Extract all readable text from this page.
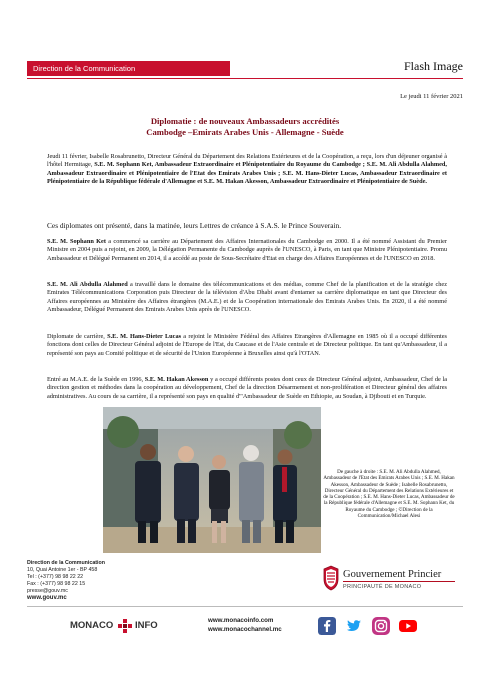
Direction de la Communication	Flash Image
Le jeudi 11 février 2021
Diplomatie : de nouveaux Ambassadeurs accrédités
Cambodge –Emirats Arabes Unis - Allemagne - Suède
Jeudi 11 février, Isabelle Rosabrunetto, Directeur Général du Département des Relations Extérieures et de la Coopération, a reçu, lors d'un déjeuner organisé à l'hôtel Hermitage, S.E. M. Sophann Ket, Ambassadeur Extraordinaire et Plénipotentiaire du Royaume du Cambodge ; S.E. M. Ali Abdulla Alahmed, Ambassadeur Extraordinaire et Plénipotentiaire de l'Etat des Emirats Arabes Unis ; S.E. M. Hans-Dieter Lucas, Ambassadeur Extraordinaire et Plénipotentiaire de la République fédérale d'Allemagne et S.E. M. Hakan Akesson, Ambassadeur Extraordinaire et Plénipotentiaire de Suède.
Ces diplomates ont présenté, dans la matinée, leurs Lettres de créance à S.A.S. le Prince Souverain.
S.E. M. Sophann Ket a commencé sa carrière au Département des Affaires Internationales du Cambodge en 2000. Il a été nommé Assistant du Premier Ministre en 2004 puis a rejoint, en 2009, la Délégation Permanente du Cambodge auprès de l'UNESCO, à Paris, en tant que Ministre Plénipotentiaire. Promu Ambassadeur et Délégué Permanent en 2014, il a accédé au poste de Sous-Secrétaire d'Etat en charge des Affaires Européennes et de l'UNESCO en 2018.
S.E. M. Ali Abdulla Alahmed a travaillé dans le domaine des télécommunications et des médias, comme Chef de la planification et de la stratégie chez Emirates Télécommunications Corporation puis Directeur de la télévision d'Abu Dhabi avant d'entamer sa carrière diplomatique en tant que Directeur des Affaires européennes au Ministère des Affaires étrangères (M.A.E.) et de la Coopération internationale des Emirats Arabes Unis. En 2020, il a été nommé Ambassadeur, Délégué Permanent des Emirats Arabes Unis après de l'UNESCO.
Diplomate de carrière, S.E. M. Hans-Dieter Lucas a rejoint le Ministère Fédéral des Affaires Etrangères d'Allemagne en 1985 où il a occupé différentes fonctions dont celles de Directeur Général adjoint de l'Europe de l'Est, du Caucase et de l'Asie centrale et de Directeur politique. En tant qu'Ambassadeur, il a représenté son pays au Comité politique et de sécurité de l'Union Européenne à Bruxelles ainsi qu'à l'OTAN.
Entré au M.A.E. de la Suède en 1996, S.E. M. Hakan Akesson y a occupé différents postes dont ceux de Directeur Général adjoint, Ambassadeur, Chef de la direction gestion et méthodes dans la coopération au développement, Chef de la direction Désarmement et non-prolifération et Directeur général des affaires administratives. Au cours de sa carrière, il a représenté son pays en qualité d'"Ambassadeur de Suède en Ethiopie, au Soudan, à Djibouti et en Turquie.
De gauche à droite : S.E. M. Ali Abdulla Alahmed, Ambassadeur de l'Etat des Emirats Arabes Unis ; S.E. M. Hakan Akesson, Ambassadeur de Suède ; Isabelle Rosabrunetto, Directeur Général du Département des Relations Extérieures et de la Coopération ; S.E. M. Hans-Dieter Lucas, Ambassadeur de la République fédérale d'Allemagne et S.E. M. Sophann Ket, du Royaume du Cambodge ; ©Direction de la Communication/Michael Alesi
Direction de la Communication
10, Quai Antoine 1er - BP 458
Tel : (+377) 98 98 22 22
Fax : (+377) 98 98 22 15
presse@gouv.mc
www.gouv.mc
Gouvernement Princier
PRINCIPAUTÉ DE MONACO
MONACO INFO	www.monacoinfo.com
www.monacochannel.mc
